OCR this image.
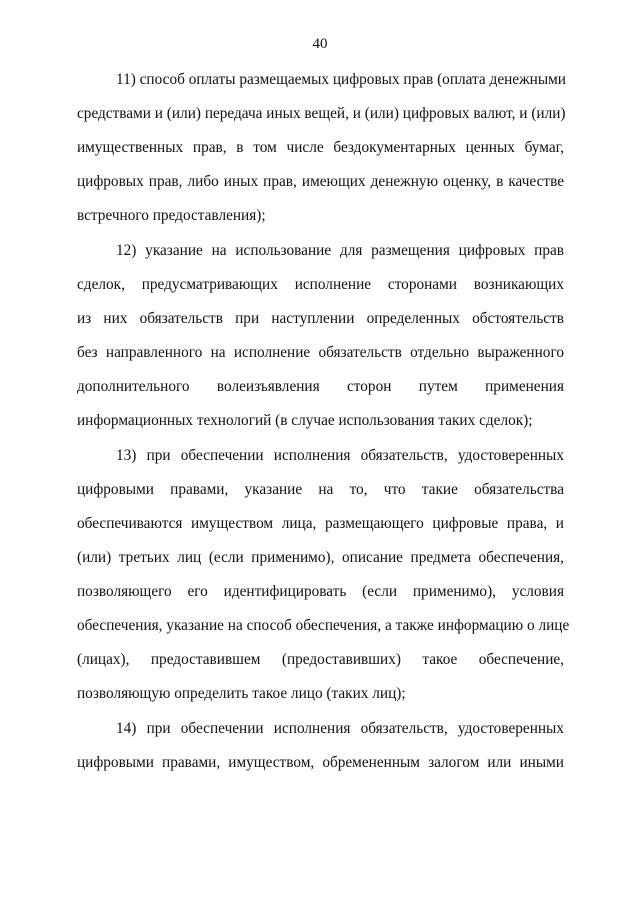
40
11) способ оплаты размещаемых цифровых прав (оплата денежными
средствами и (или) передача иных вещей, и (или) цифровых валют, и (или)
имущественных прав, в том числе бездокументарных ценных бумаг,
цифровых прав, либо иных прав, имеющих денежную оценку, в качестве
встречного предоставления);
12) указание на использование для размещения цифровых прав
сделок, предусматривающих исполнение сторонами возникающих
из них обязательств при наступлении определенных обстоятельств
без направленного на исполнение обязательств отдельно выраженного
дополнительного волеизъявления сторон путем применения
информационных технологий (в случае использования таких сделок);
13) при обеспечении исполнения обязательств, удостоверенных
цифровыми правами, указание на то, что такие обязательства
обеспечиваются имуществом лица, размещающего цифровые права, и
(или) третьих лиц (если применимо), описание предмета обеспечения,
позволяющего его идентифицировать (если применимо), условия
обеспечения, указание на способ обеспечения, а также информацию о лице
(лицах), предоставившем (предоставивших) такое обеспечение,
позволяющую определить такое лицо (таких лиц);
14) при обеспечении исполнения обязательств, удостоверенных
цифровыми правами, имуществом, обремененным залогом или иными
